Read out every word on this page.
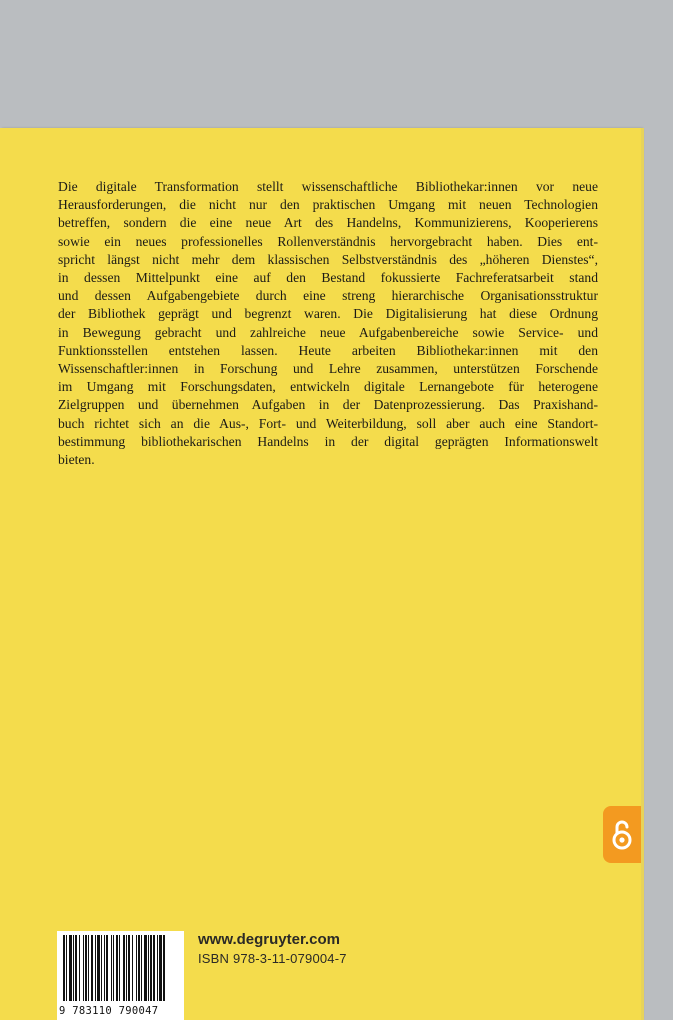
Die digitale Transformation stellt wissenschaftliche Bibliothekar:innen vor neue
Herausforderungen, die nicht nur den praktischen Umgang mit neuen Technologien
betreffen, sondern die eine neue Art des Handelns, Kommunizierens, Kooperierens
sowie ein neues professionelles Rollenverständnis hervorgebracht haben. Dies ent-
spricht längst nicht mehr dem klassischen Selbstverständnis des „höheren Dienstes“,
in dessen Mittelpunkt eine auf den Bestand fokussierte Fachreferatsarbeit stand
und dessen Aufgabengebiete durch eine streng hierarchische Organisationsstruktur
der Bibliothek geprägt und begrenzt waren. Die Digitalisierung hat diese Ordnung
in Bewegung gebracht und zahlreiche neue Aufgabenbereiche sowie Service- und
Funktionsstellen entstehen lassen. Heute arbeiten Bibliothekar:innen mit den
Wissenschaftler:innen in Forschung und Lehre zusammen, unterstützen Forschende
im Umgang mit Forschungsdaten, entwickeln digitale Lernangebote für heterogene
Zielgruppen und übernehmen Aufgaben in der Datenprozessierung. Das Praxishand-
buch richtet sich an die Aus-, Fort- und Weiterbildung, soll aber auch eine Standort-
bestimmung bibliothekarischen Handelns in der digital geprägten Informationswelt
bieten.
9 783110 790047
www.degruyter.com
ISBN 978-3-11-079004-7
